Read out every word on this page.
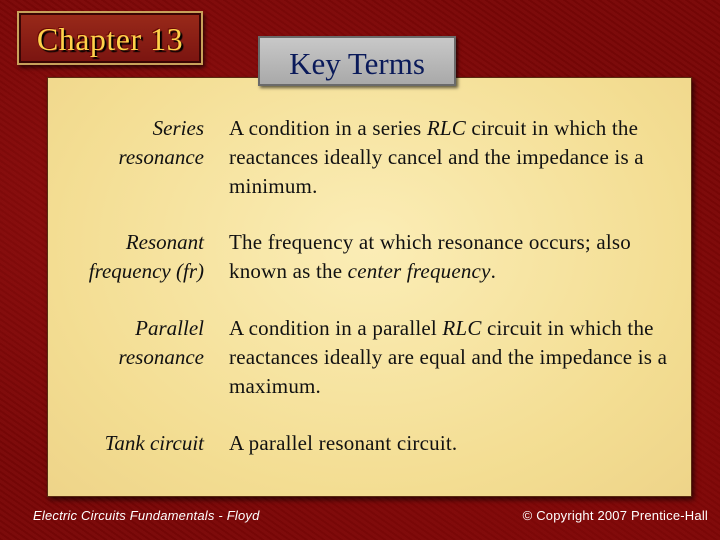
Chapter 13
Key Terms
Series
resonance
A condition in a series RLC circuit in which the reactances ideally cancel and the impedance is a minimum.
Resonant
frequency (fr)
The frequency at which resonance occurs; also known as the center frequency.
Parallel
resonance
A condition in a parallel RLC circuit in which the reactances ideally are equal and the impedance is a maximum.
Tank circuit A parallel resonant circuit.
Electric Circuits Fundamentals - Floyd	© Copyright 2007 Prentice-Hall
